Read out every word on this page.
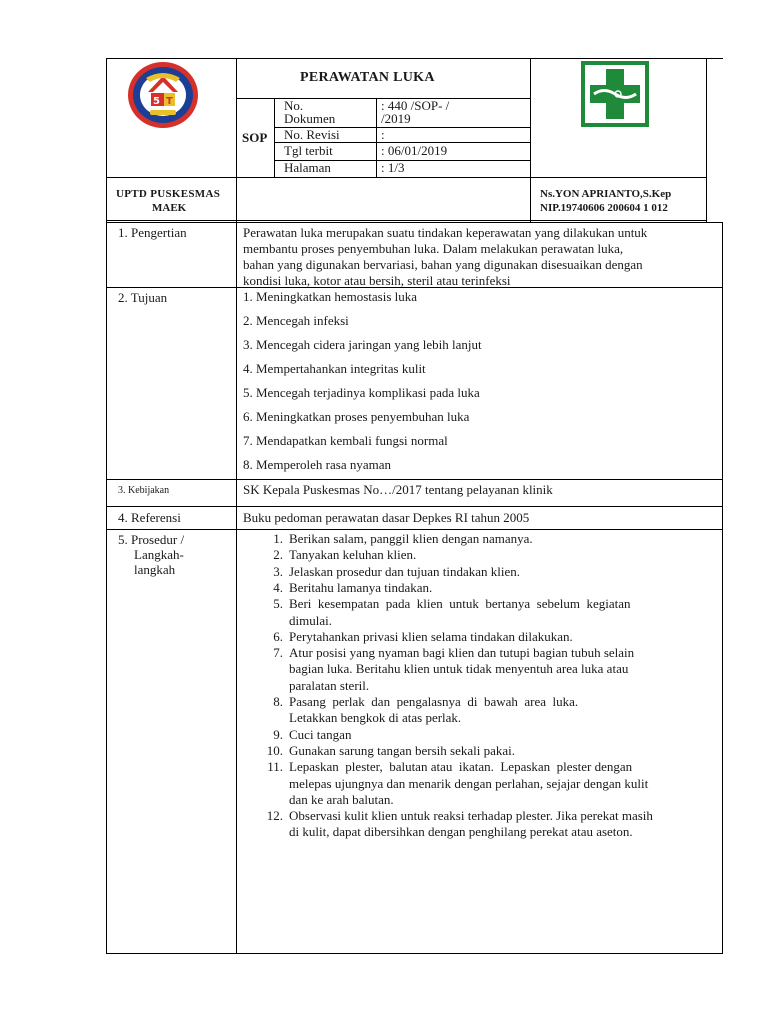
5 T
PERAWATAN LUKA
SOP
No.
Dokumen
: 440 /SOP- /
/2019
No. Revisi	:
Tgl terbit	: 06/01/2019
Halaman	: 1/3
UPTD PUSKESMAS
MAEK
Ns.YON APRIANTO,S.Kep
NIP.19740606 200604 1 012
1. Pengertian	Perawatan luka merupakan suatu tindakan keperawatan yang dilakukan untuk
membantu proses penyembuhan luka. Dalam melakukan perawatan luka,
bahan yang digunakan bervariasi, bahan yang digunakan disesuaikan dengan
kondisi luka, kotor atau bersih, steril atau terinfeksi
2. Tujuan	1. Meningkatkan hemostasis luka
2. Mencegah infeksi
3. Mencegah cidera jaringan yang lebih lanjut
4. Mempertahankan integritas kulit
5. Mencegah terjadinya komplikasi pada luka
6. Meningkatkan proses penyembuhan luka
7. Mendapatkan kembali fungsi normal
8. Memperoleh rasa nyaman
3. Kebijakan	SK Kepala Puskesmas No…/2017 tentang pelayanan klinik
4. Referensi	Buku pedoman perawatan dasar Depkes RI tahun 2005
5. Prosedur /
Langkah-
langkah
1. Berikan salam, panggil klien dengan namanya.
2. Tanyakan keluhan klien.
3. Jelaskan prosedur dan tujuan tindakan klien.
4. Beritahu lamanya tindakan.
5. Beri  kesempatan  pada  klien  untuk  bertanya  sebelum  kegiatan
dimulai.
6. Perytahankan privasi klien selama tindakan dilakukan.
7. Atur posisi yang nyaman bagi klien dan tutupi bagian tubuh selain
bagian luka. Beritahu klien untuk tidak menyentuh area luka atau
paralatan steril.
8. Pasang  perlak  dan  pengalasnya  di  bawah  area  luka.
Letakkan bengkok di atas perlak.
9. Cuci tangan
10. Gunakan sarung tangan bersih sekali pakai.
11. Lepaskan  plester,  balutan atau  ikatan.  Lepaskan  plester dengan
melepas ujungnya dan menarik dengan perlahan, sejajar dengan kulit
dan ke arah balutan.
12. Observasi kulit klien untuk reaksi terhadap plester. Jika perekat masih
di kulit, dapat dibersihkan dengan penghilang perekat atau aseton.
